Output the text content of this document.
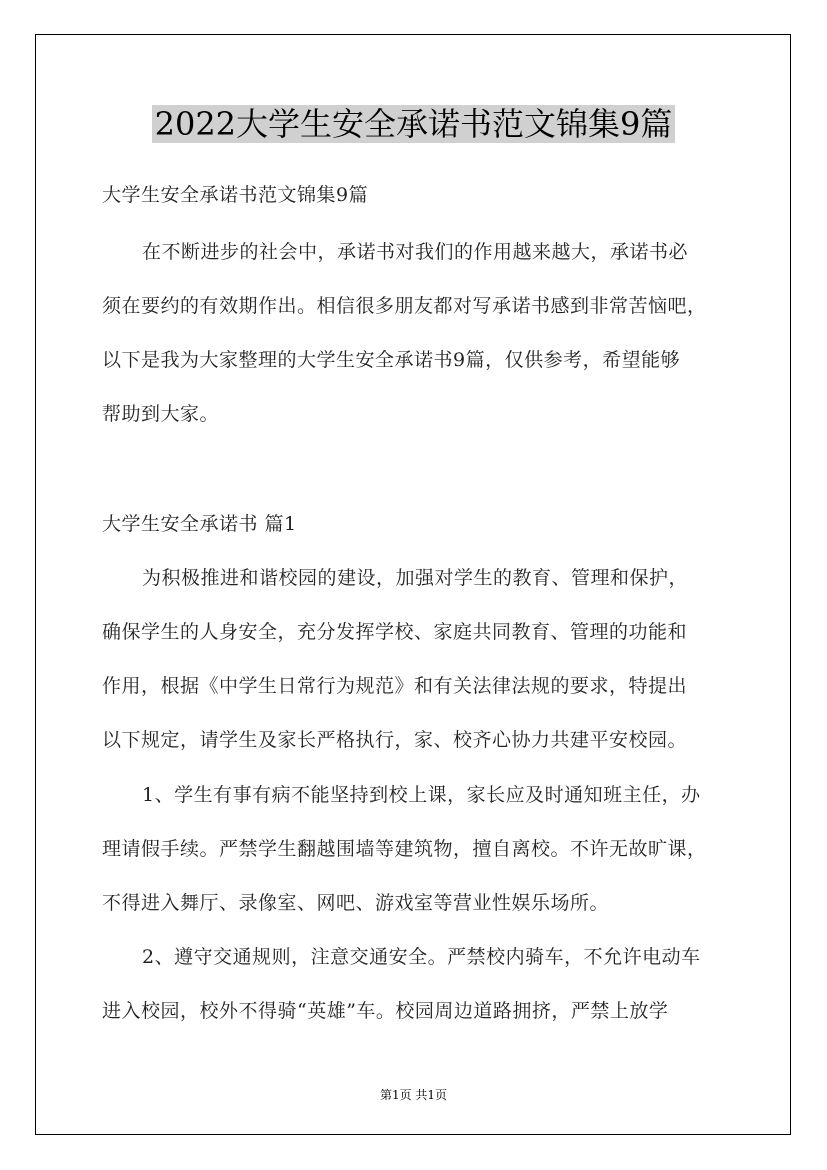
2022大学生安全承诺书范文锦集9篇
大学生安全承诺书范文锦集9篇
在不断进步的社会中，承诺书对我们的作用越来越大，承诺书必
须在要约的有效期作出。相信很多朋友都对写承诺书感到非常苦恼吧，
以下是我为大家整理的大学生安全承诺书9篇，仅供参考，希望能够
帮助到大家。
大学生安全承诺书 篇1
为积极推进和谐校园的建设，加强对学生的教育、管理和保护，
确保学生的人身安全，充分发挥学校、家庭共同教育、管理的功能和
作用，根据《中学生日常行为规范》和有关法律法规的要求，特提出
以下规定，请学生及家长严格执行，家、校齐心协力共建平安校园。
1、学生有事有病不能坚持到校上课，家长应及时通知班主任，办
理请假手续。严禁学生翻越围墙等建筑物，擅自离校。不许无故旷课，
不得进入舞厅、录像室、网吧、游戏室等营业性娱乐场所。
2、遵守交通规则，注意交通安全。严禁校内骑车，不允许电动车
进入校园，校外不得骑“英雄”车。校园周边道路拥挤，严禁上放学
第1页 共1页
